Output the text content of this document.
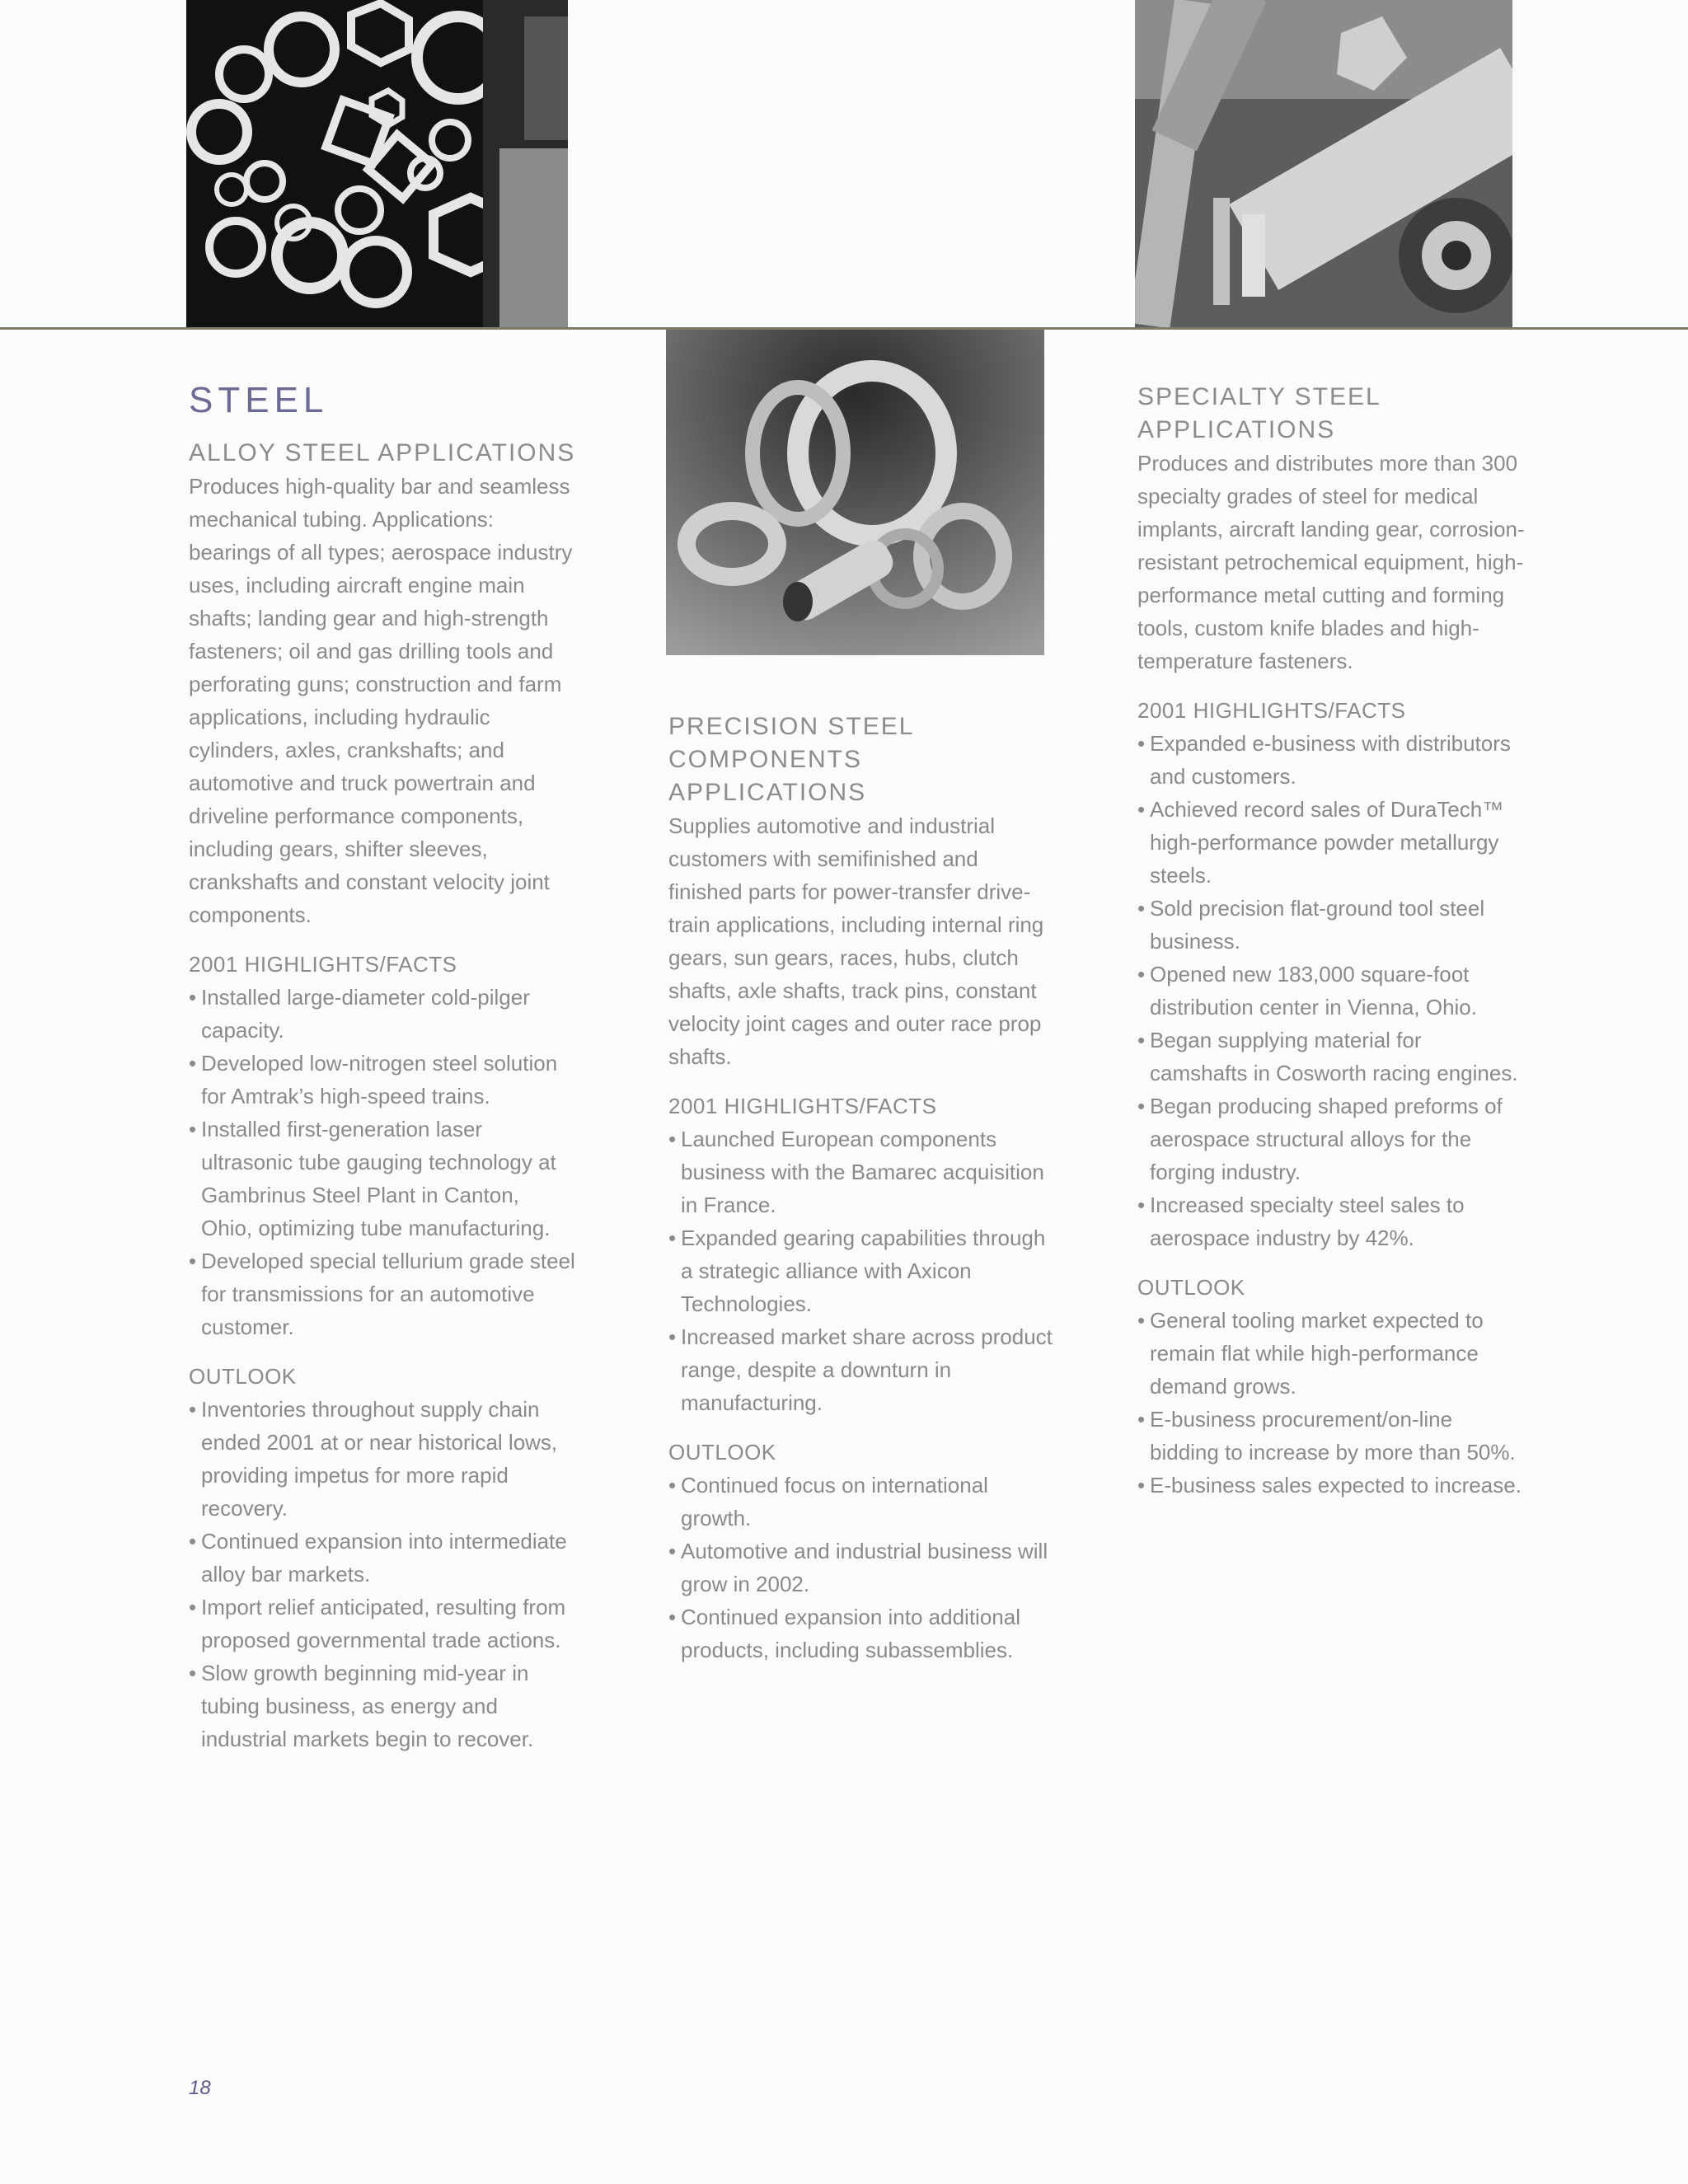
STEEL
ALLOY STEEL APPLICATIONS

Produces high-quality bar and seamless mechanical tubing. Applications: bearings of all types; aerospace industry uses, including aircraft engine main shafts; landing gear and high-strength fasteners; oil and gas drilling tools and perforating guns; construction and farm applications, including hydraulic cylinders, axles, crankshafts; and automotive and truck powertrain and driveline performance components, including gears, shifter sleeves, crankshafts and constant velocity joint components.

2001 HIGHLIGHTS/FACTS
• Installed large-diameter cold-pilger capacity.
• Developed low-nitrogen steel solution for Amtrak’s high-speed trains.
• Installed first-generation laser ultrasonic tube gauging technology at Gambrinus Steel Plant in Canton, Ohio, optimizing tube manufacturing.
• Developed special tellurium grade steel for transmissions for an automotive customer.
OUTLOOK
• Inventories throughout supply chain ended 2001 at or near historical lows, providing impetus for more rapid recovery.
• Continued expansion into intermediate alloy bar markets.
• Import relief anticipated, resulting from proposed governmental trade actions.
• Slow growth beginning mid-year in tubing business, as energy and industrial markets begin to recover.
PRECISION STEEL COMPONENTS APPLICATIONS

Supplies automotive and industrial customers with semifinished and finished parts for power-transfer drive-train applications, including internal ring gears, sun gears, races, hubs, clutch shafts, axle shafts, track pins, constant velocity joint cages and outer race prop shafts.

2001 HIGHLIGHTS/FACTS
• Launched European components business with the Bamarec acquisition in France.
• Expanded gearing capabilities through a strategic alliance with Axicon Technologies.
• Increased market share across product range, despite a downturn in manufacturing.
OUTLOOK
• Continued focus on international growth.
• Automotive and industrial business will grow in 2002.
• Continued expansion into additional products, including subassemblies.
SPECIALTY STEEL APPLICATIONS

Produces and distributes more than 300 specialty grades of steel for medical implants, aircraft landing gear, corrosion-resistant petrochemical equipment, high-performance metal cutting and forming tools, custom knife blades and high-temperature fasteners.

2001 HIGHLIGHTS/FACTS
• Expanded e-business with distributors and customers.
• Achieved record sales of DuraTech™ high-performance powder metallurgy steels.
• Sold precision flat-ground tool steel business.
• Opened new 183,000 square-foot distribution center in Vienna, Ohio.
• Began supplying material for camshafts in Cosworth racing engines.
• Began producing shaped preforms of aerospace structural alloys for the forging industry.
• Increased specialty steel sales to aerospace industry by 42%.
OUTLOOK
• General tooling market expected to remain flat while high-performance demand grows.
• E-business procurement/on-line bidding to increase by more than 50%.
• E-business sales expected to increase.
18
